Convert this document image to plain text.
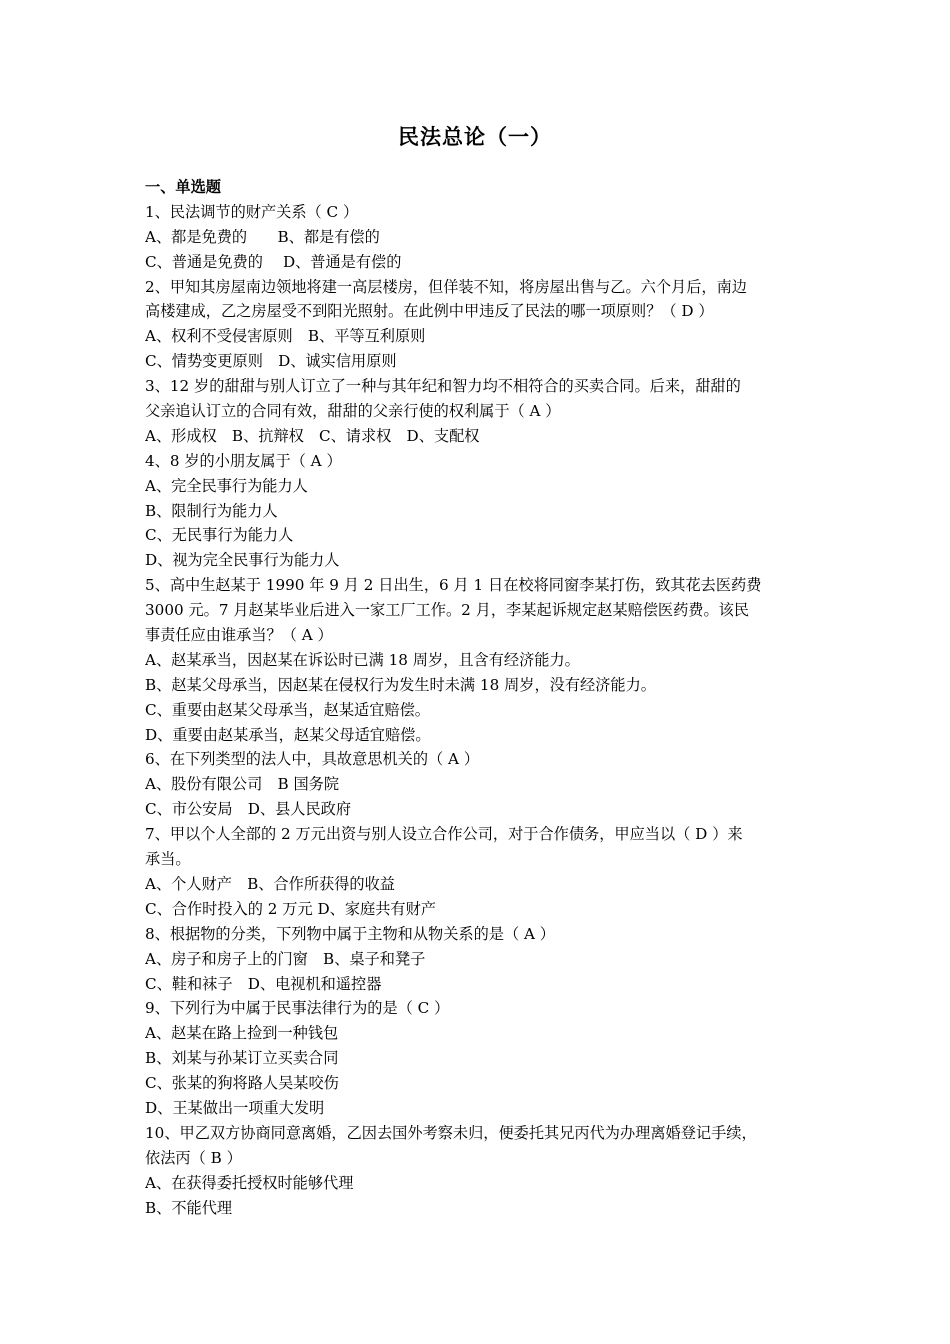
民法总论（一）
一、单选题
1、民法调节的财产关系（ C ）
A、都是免费的　　B、都是有偿的
C、普通是免费的　 D、普通是有偿的
2、甲知其房屋南边领地将建一高层楼房，但佯装不知，将房屋出售与乙。六个月后，南边
高楼建成，乙之房屋受不到阳光照射。在此例中甲违反了民法的哪一项原则？（ D ）
A、权利不受侵害原则　B、平等互利原则
C、情势变更原则　D、诚实信用原则
3、12 岁的甜甜与别人订立了一种与其年纪和智力均不相符合的买卖合同。后来，甜甜的
父亲追认订立的合同有效，甜甜的父亲行使的权利属于（ A ）
A、形成权　B、抗辩权　C、请求权　D、支配权
4、8 岁的小朋友属于（ A ）
A、完全民事行为能力人
B、限制行为能力人
C、无民事行为能力人
D、视为完全民事行为能力人
5、高中生赵某于 1990 年 9 月 2 日出生，6 月 1 日在校将同窗李某打伤，致其花去医药费
3000 元。7 月赵某毕业后进入一家工厂工作。2 月，李某起诉规定赵某赔偿医药费。该民
事责任应由谁承当？（ A ）
A、赵某承当，因赵某在诉讼时已满 18 周岁，且含有经济能力。
B、赵某父母承当，因赵某在侵权行为发生时未满 18 周岁，没有经济能力。
C、重要由赵某父母承当，赵某适宜赔偿。
D、重要由赵某承当，赵某父母适宜赔偿。
6、在下列类型的法人中，具故意思机关的（ A ）
A、股份有限公司　B 国务院
C、市公安局　D、县人民政府
7、甲以个人全部的 2 万元出资与别人设立合作公司，对于合作债务，甲应当以（ D ）来
承当。
A、个人财产　B、合作所获得的收益
C、合作时投入的 2 万元 D、家庭共有财产
8、根据物的分类，下列物中属于主物和从物关系的是（ A ）
A、房子和房子上的门窗　B、桌子和凳子
C、鞋和袜子　D、电视机和遥控器
9、下列行为中属于民事法律行为的是（ C ）
A、赵某在路上捡到一种钱包
B、刘某与孙某订立买卖合同
C、张某的狗将路人吴某咬伤
D、王某做出一项重大发明
10、甲乙双方协商同意离婚，乙因去国外考察未归，便委托其兄丙代为办理离婚登记手续，
依法丙（ B ）
A、在获得委托授权时能够代理
B、不能代理
